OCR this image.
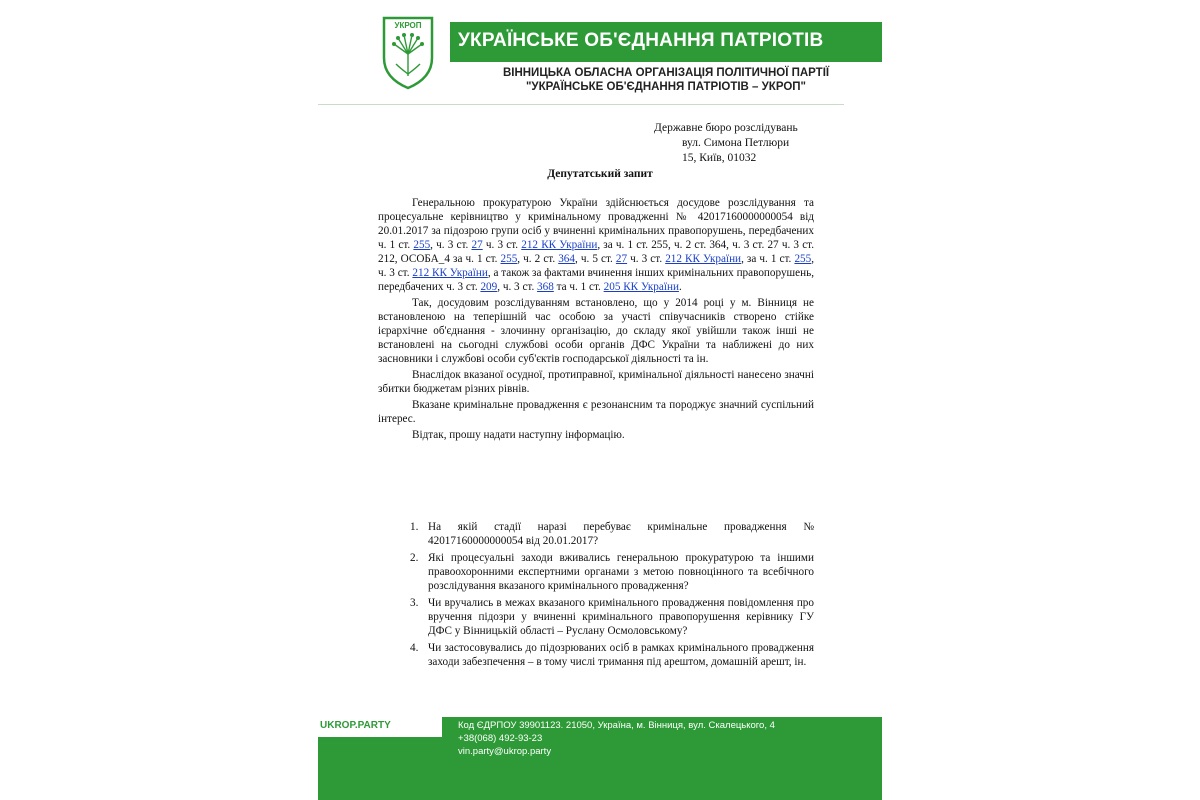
УКРОП
УКРАЇНСЬКЕ ОБ'ЄДНАННЯ ПАТРІОТІВ
ВІННИЦЬКА ОБЛАСНА ОРГАНІЗАЦІЯ ПОЛІТИЧНОЇ ПАРТІЇ
"УКРАЇНСЬКЕ ОБ'ЄДНАННЯ ПАТРІОТІВ – УКРОП"
Державне бюро розслідувань
вул. Симона Петлюри
15, Київ, 01032
Депутатський запит

Генеральною прокуратурою України здійснюється досудове розслідування та процесуальне керівництво у кримінальному провадженні № 42017160000000054 від 20.01.2017 за підозрою групи осіб у вчиненні кримінальних правопорушень, передбачених ч. 1 ст. 255, ч. 3 ст. 27 ч. 3 ст. 212 КК України, за ч. 1 ст. 255, ч. 2 ст. 364, ч. 3 ст. 27 ч. 3 ст. 212, ОСОБА_4 за ч. 1 ст. 255, ч. 2 ст. 364, ч. 5 ст. 27 ч. 3 ст. 212 КК України, за ч. 1 ст. 255, ч. 3 ст. 212 КК України, а також за фактами вчинення інших кримінальних правопорушень, передбачених ч. 3 ст. 209, ч. 3 ст. 368 та ч. 1 ст. 205 КК України.

Так, досудовим розслідуванням встановлено, що у 2014 році у м. Вінниця не встановленою на теперішній час особою за участі співучасників створено стійке ієрархічне об'єднання - злочинну організацію, до складу якої увійшли також інші не встановлені на сьогодні службові особи органів ДФС України та наближені до них засновники і службові особи суб'єктів господарської діяльності та ін.

Внаслідок вказаної осудної, протиправної, кримінальної діяльності нанесено значні збитки бюджетам різних рівнів.

Вказане кримінальне провадження є резонансним та породжує значний суспільний інтерес.

Відтак, прошу надати наступну інформацію.

1. На якій стадії наразі перебуває кримінальне провадження № 42017160000000054 від 20.01.2017?
2. Які процесуальні заходи вживались генеральною прокуратурою та іншими правоохоронними експертними органами з метою повноцінного та всебічного розслідування вказаного кримінального провадження?
3. Чи вручались в межах вказаного кримінального провадження повідомлення про вручення підозри у вчиненні кримінального правопорушення керівнику ГУ ДФС у Вінницькій області – Руслану Осмоловському?
4. Чи застосовувались до підозрюваних осіб в рамках кримінального провадження заходи забезпечення – в тому числі тримання під арештом, домашній арешт, ін.
UKROP.PARTY	Код ЄДРПОУ 39901123. 21050, Україна, м. Вінниця, вул. Скалецького, 4
+38(068) 492-93-23
vin.party@ukrop.party
